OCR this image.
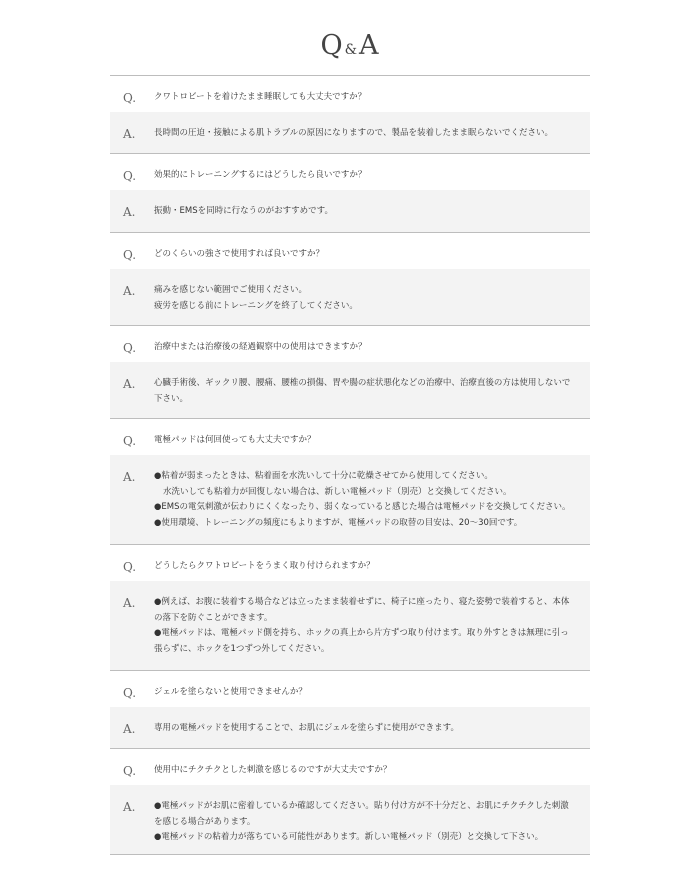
Q&A
Q.	クワトロビートを着けたまま睡眠しても大丈夫ですか？
A.	長時間の圧迫・接触による肌トラブルの原因になりますので、製品を装着したまま眠らないでください。
Q.	効果的にトレーニングするにはどうしたら良いですか？
A.	振動・EMSを同時に行なうのがおすすめです。
Q.	どのくらいの強さで使用すれば良いですか？
A.	痛みを感じない範囲でご使用ください。
疲労を感じる前にトレーニングを終了してください。
Q.	治療中または治療後の経過観察中の使用はできますか？
A.	心臓手術後、ギックリ腰、腰痛、腰椎の損傷、胃や腸の症状悪化などの治療中、治療直後の方は使用しないで
下さい。
Q.	電極パッドは何回使っても大丈夫ですか？
A.	●粘着が弱まったときは、粘着面を水洗いして十分に乾燥させてから使用してください。
水洗いしても粘着力が回復しない場合は、新しい電極パッド（別売）と交換してください。
●EMSの電気刺激が伝わりにくくなったり、弱くなっていると感じた場合は電極パッドを交換してください。
●使用環境、トレーニングの頻度にもよりますが、電極パッドの取替の目安は、20〜30回です。
Q.	どうしたらクワトロビートをうまく取り付けられますか？
A.	●例えば、お腹に装着する場合などは立ったまま装着せずに、椅子に座ったり、寝た姿勢で装着すると、本体
の落下を防ぐことができます。
●電極パッドは、電極パッド側を持ち、ホックの真上から片方ずつ取り付けます。取り外すときは無理に引っ
張らずに、ホックを1つずつ外してください。
Q.	ジェルを塗らないと使用できませんか？
A.	専用の電極パッドを使用することで、お肌にジェルを塗らずに使用ができます。
Q.	使用中にチクチクとした刺激を感じるのですが大丈夫ですか？
A.	●電極パッドがお肌に密着しているか確認してください。貼り付け方が不十分だと、お肌にチクチクした刺激
を感じる場合があります。
●電極パッドの粘着力が落ちている可能性があります。新しい電極パッド（別売）と交換して下さい。
